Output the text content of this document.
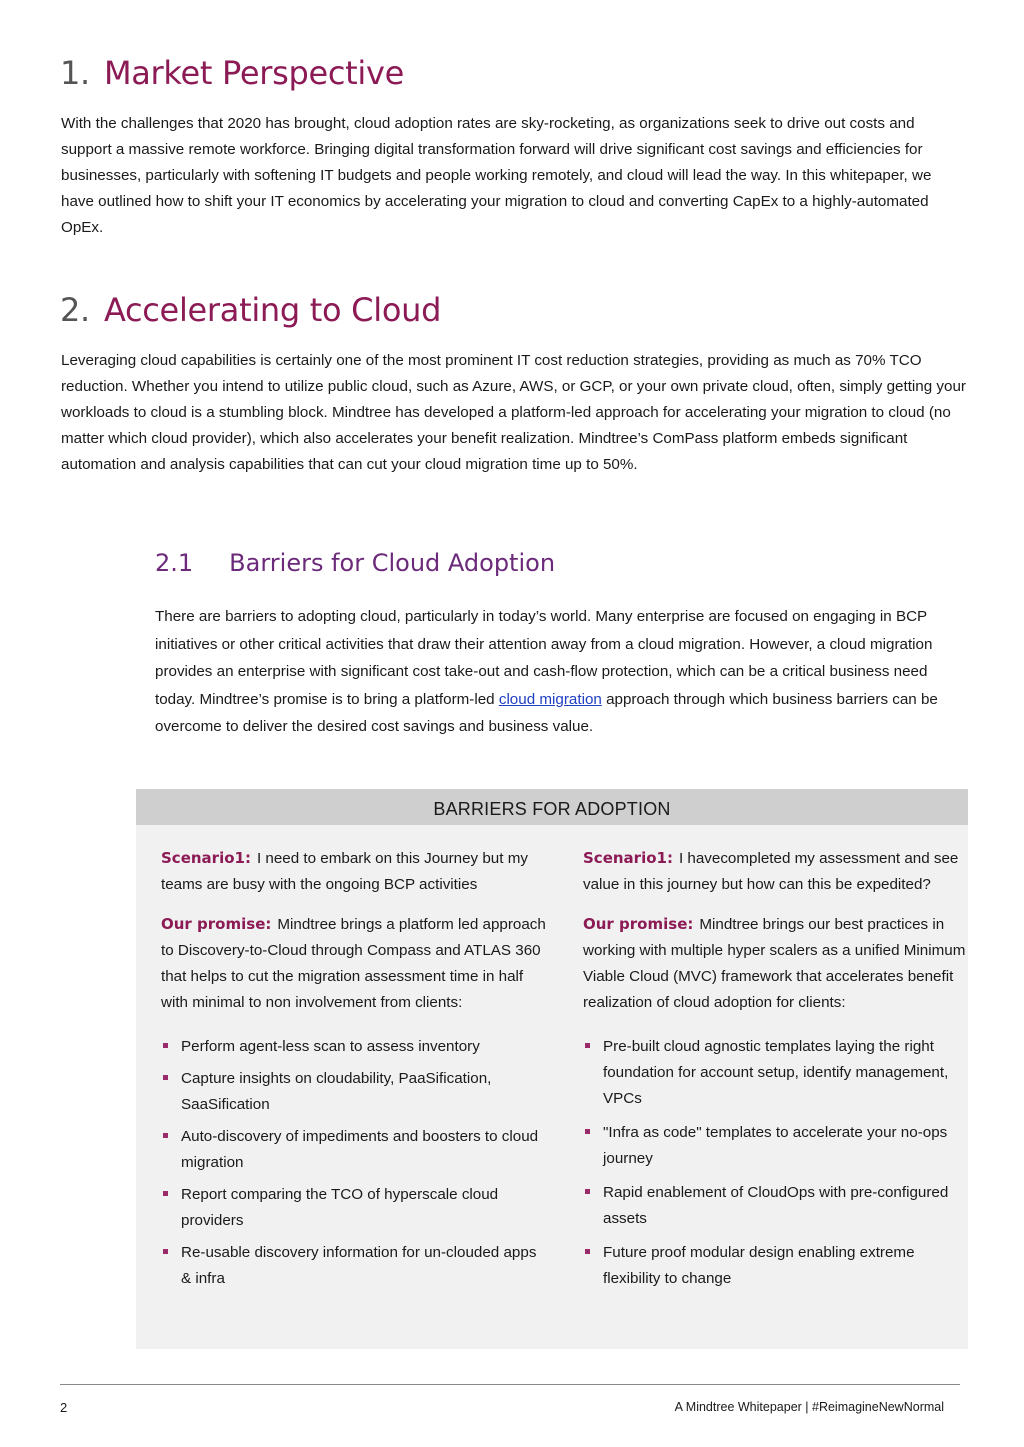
1. Market Perspective

With the challenges that 2020 has brought, cloud adoption rates are sky-rocketing, as organizations seek to drive out costs and support a massive remote workforce. Bringing digital transformation forward will drive significant cost savings and efficiencies for businesses, particularly with softening IT budgets and people working remotely, and cloud will lead the way. In this whitepaper, we have outlined how to shift your IT economics by accelerating your migration to cloud and converting CapEx to a highly-automated OpEx.

2. Accelerating to Cloud

Leveraging cloud capabilities is certainly one of the most prominent IT cost reduction strategies, providing as much as 70% TCO reduction. Whether you intend to utilize public cloud, such as Azure, AWS, or GCP, or your own private cloud, often, simply getting your workloads to cloud is a stumbling block. Mindtree has developed a platform-led approach for accelerating your migration to cloud (no matter which cloud provider), which also accelerates your benefit realization. Mindtree’s ComPass platform embeds significant automation and analysis capabilities that can cut your cloud migration time up to 50%.

2.1 Barriers for Cloud Adoption

There are barriers to adopting cloud, particularly in today’s world. Many enterprise are focused on engaging in BCP initiatives or other critical activities that draw their attention away from a cloud migration. However, a cloud migration provides an enterprise with significant cost take-out and cash-flow protection, which can be a critical business need today. Mindtree’s promise is to bring a platform-led cloud migration approach through which business barriers can be overcome to deliver the desired cost savings and business value.

BARRIERS FOR ADOPTION

Scenario1: I need to embark on this Journey but my teams are busy with the ongoing BCP activities

Our promise: Mindtree brings a platform led approach to Discovery-to-Cloud through Compass and ATLAS 360 that helps to cut the migration assessment time in half with minimal to non involvement from clients:

Perform agent-less scan to assess inventory
Capture insights on cloudability, PaaSification, SaaSification
Auto-discovery of impediments and boosters to cloud migration
Report comparing the TCO of hyperscale cloud providers
Re-usable discovery information for un-clouded apps & infra

Scenario1: I havecompleted my assessment and see value in this journey but how can this be expedited?

Our promise: Mindtree brings our best practices in working with multiple hyper scalers as a unified Minimum Viable Cloud (MVC) framework that accelerates benefit realization of cloud adoption for clients:

Pre-built cloud agnostic templates laying the right foundation for account setup, identify management, VPCs
"Infra as code" templates to accelerate your no-ops journey
Rapid enablement of CloudOps with pre-configured assets
Future proof modular design enabling extreme flexibility to change
2	A Mindtree Whitepaper | #ReimagineNewNormal
